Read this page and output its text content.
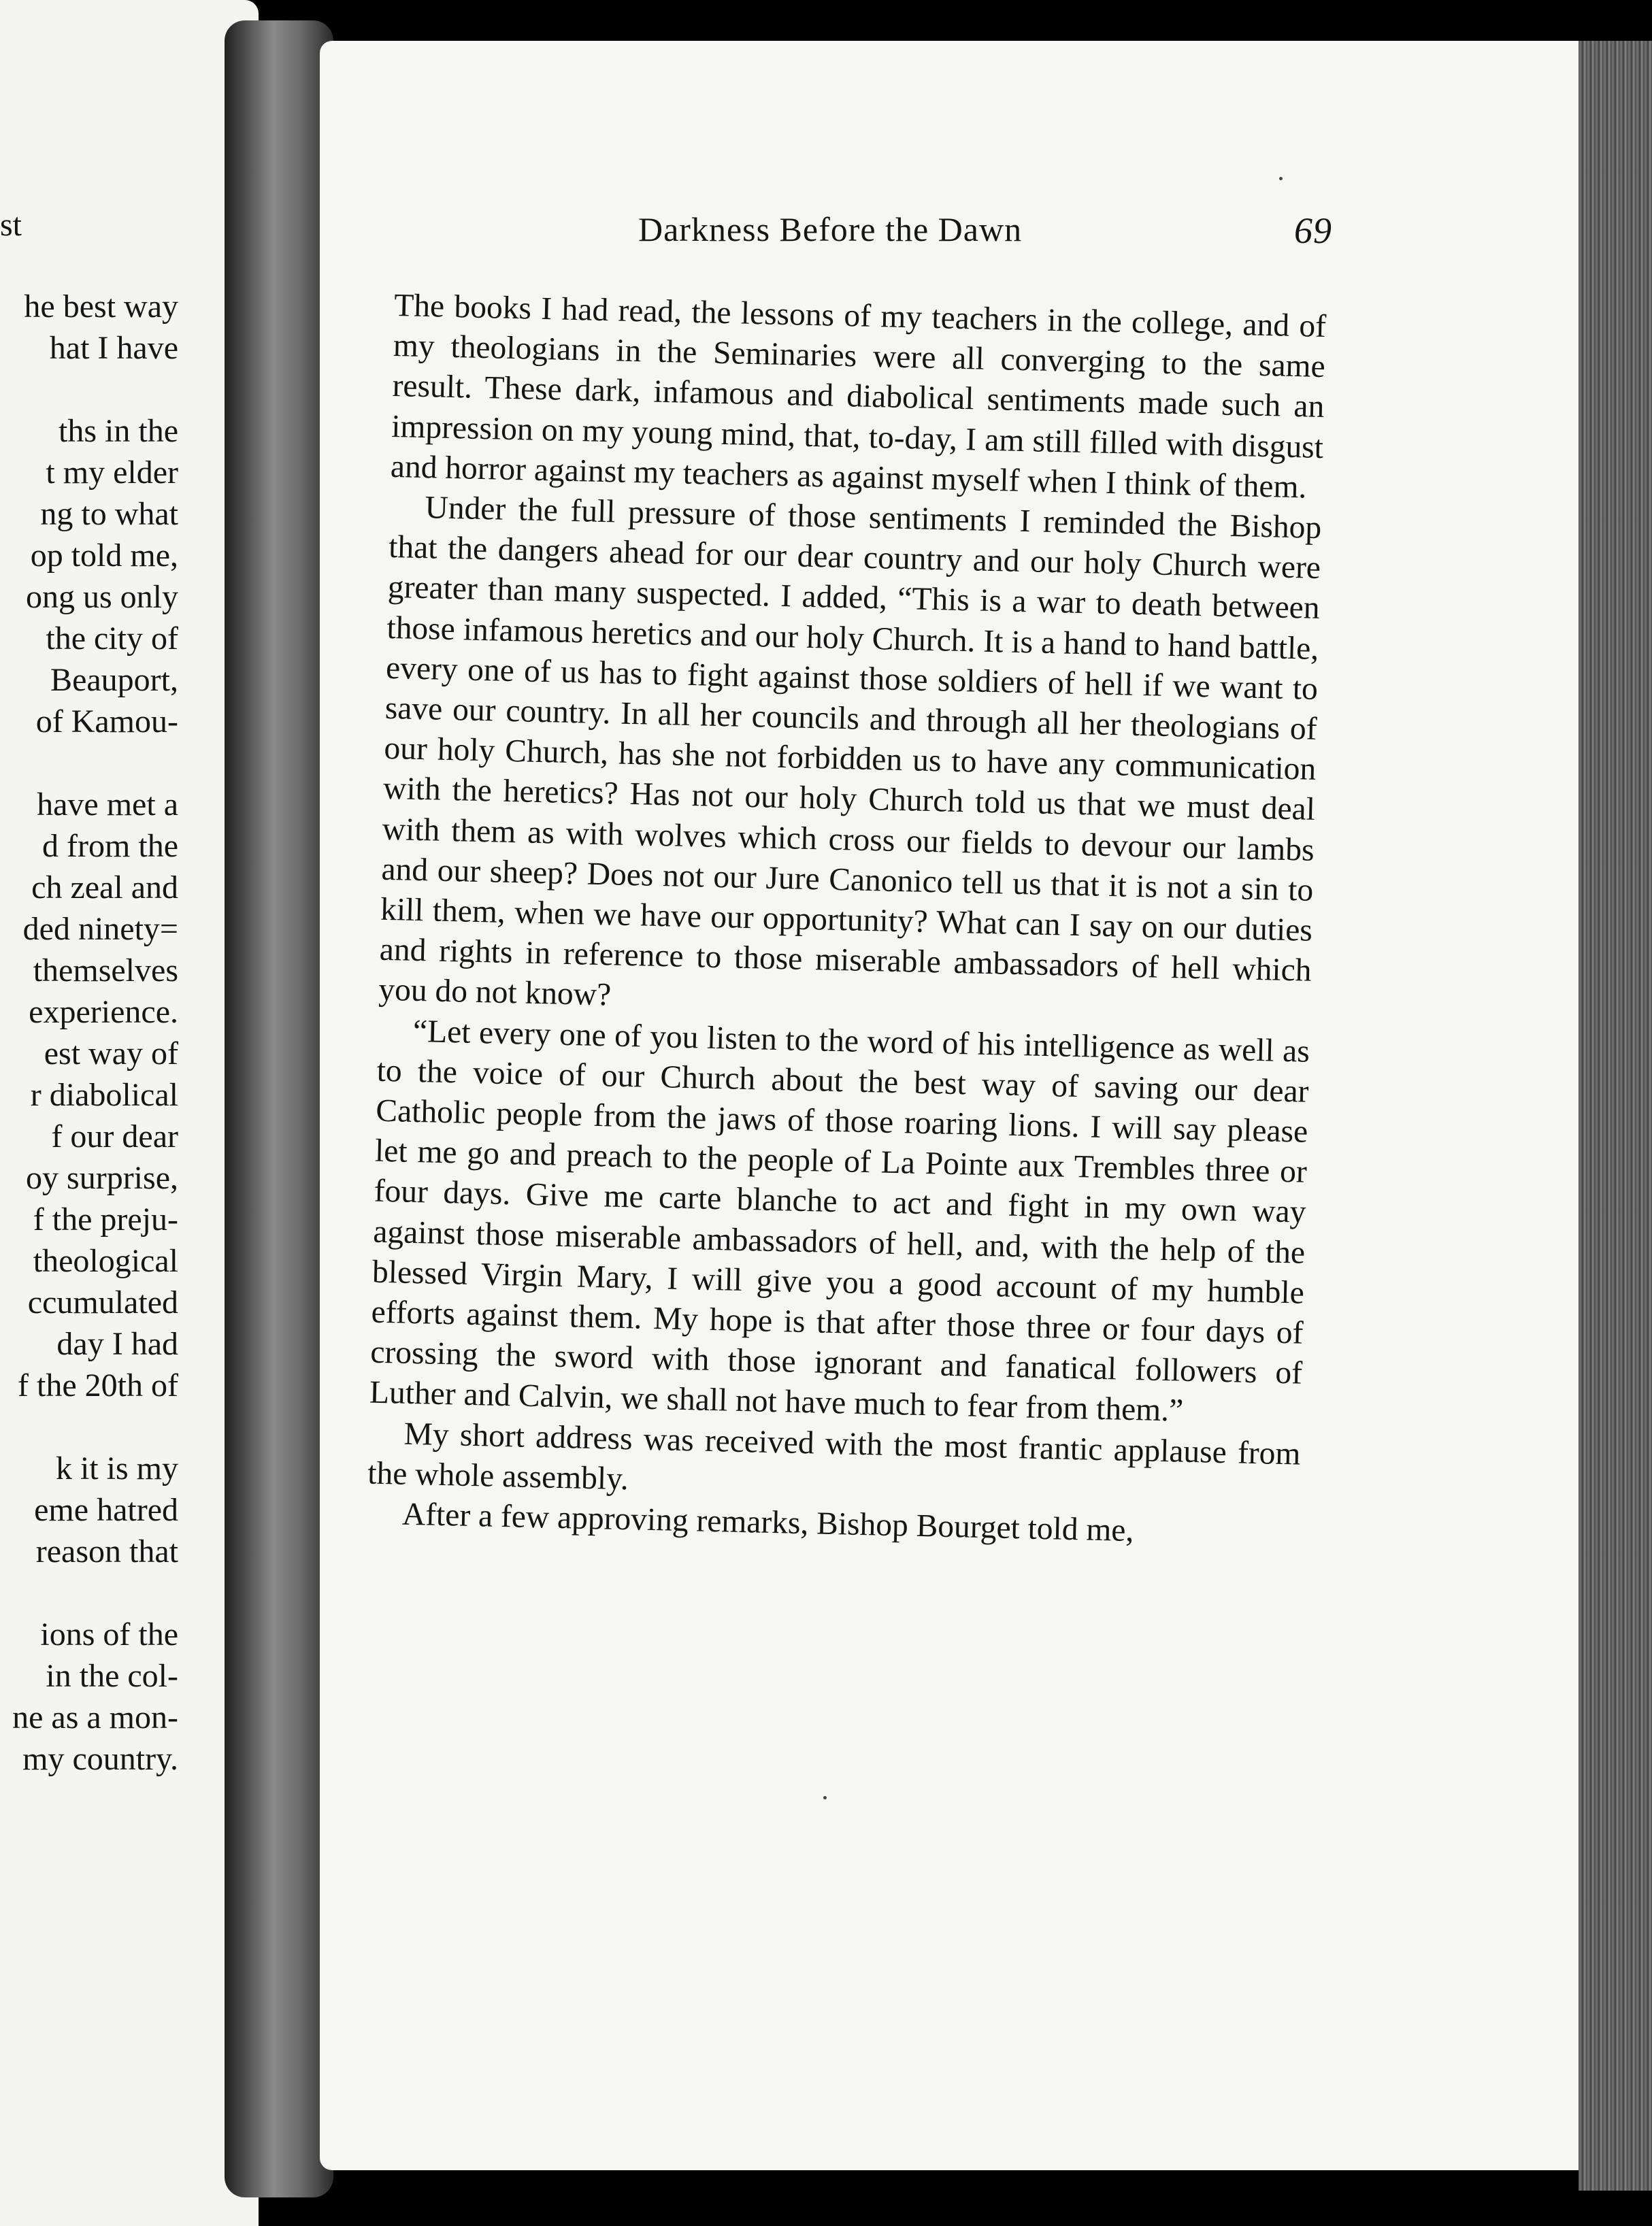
st
he best way
hat I have
ths in the
t my elder
ng to what
op told me,
ong us only
the city of
Beauport,
of Kamou-
have met a
d from the
ch zeal and
ded ninety=
themselves
experience.
est way of
r diabolical
f our dear
oy surprise,
f the preju-
theological
ccumulated
day I had
f the 20th of
k it is my
eme hatred
reason that
ions of the
in the col-
ne as a mon-
my country.
Darkness Before the Dawn	69

The books I had read, the lessons of my teachers in the college, and of my theologians in the Seminaries were all converging to the same result. These dark, infamous and diabolical sentiments made such an impression on my young mind, that, to-day, I am still filled with disgust and horror against my teachers as against myself when I think of them.

Under the full pressure of those sentiments I reminded the Bishop that the dangers ahead for our dear country and our holy Church were greater than many suspected. I added, “This is a war to death between those infamous heretics and our holy Church. It is a hand to hand battle, every one of us has to fight against those soldiers of hell if we want to save our country. In all her councils and through all her theologians of our holy Church, has she not forbidden us to have any communication with the heretics? Has not our holy Church told us that we must deal with them as with wolves which cross our fields to devour our lambs and our sheep? Does not our Jure Canonico tell us that it is not a sin to kill them, when we have our opportunity? What can I say on our duties and rights in reference to those miserable ambassadors of hell which you do not know?

“Let every one of you listen to the word of his intelligence as well as to the voice of our Church about the best way of saving our dear Catholic people from the jaws of those roaring lions. I will say please let me go and preach to the people of La Pointe aux Trembles three or four days. Give me carte blanche to act and fight in my own way against those miserable ambassadors of hell, and, with the help of the blessed Virgin Mary, I will give you a good account of my humble efforts against them. My hope is that after those three or four days of crossing the sword with those ignorant and fanatical followers of Luther and Calvin, we shall not have much to fear from them.”

My short address was received with the most frantic applause from the whole assembly.

After a few approving remarks, Bishop Bourget told me,
